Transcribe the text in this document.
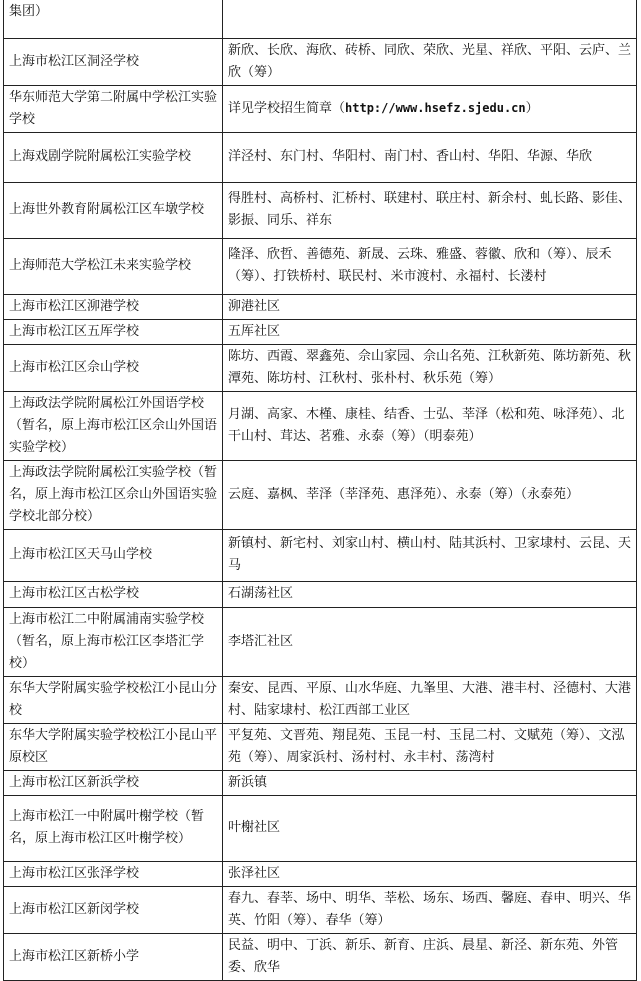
集团）	
上海市松江区洞泾学校	新欣、长欣、海欣、砖桥、同欣、荣欣、光星、祥欣、平阳、云庐、兰欣（筹）
华东师范大学第二附属中学松江实验学校	详见学校招生简章（http://www.hsefz.sjedu.cn）
上海戏剧学院附属松江实验学校	洋泾村、东门村、华阳村、南门村、香山村、华阳、华源、华欣
上海世外教育附属松江区车墩学校	得胜村、高桥村、汇桥村、联建村、联庄村、新余村、虬长路、影佳、影振、同乐、祥东
上海师范大学松江未来实验学校	隆泽、欣哲、善德苑、新晟、云珠、雅盛、蓉徽、欣和（筹）、辰禾（筹）、打铁桥村、联民村、米市渡村、永福村、长溇村
上海市松江区泖港学校	泖港社区
上海市松江区五厍学校	五厍社区
上海市松江区佘山学校	陈坊、西霞、翠鑫苑、佘山家园、佘山名苑、江秋新苑、陈坊新苑、秋潭苑、陈坊村、江秋村、张朴村、秋乐苑（筹）
上海政法学院附属松江外国语学校（暂名，原上海市松江区佘山外国语实验学校）	月湖、高家、木槿、康桂、结香、士弘、莘泽（松和苑、咏泽苑）、北干山村、茸达、茗雅、永泰（筹）（明泰苑）
上海政法学院附属松江实验学校（暂名，原上海市松江区佘山外国语实验学校北部分校）	云庭、嘉枫、莘泽（莘泽苑、惠泽苑）、永泰（筹）（永泰苑）
上海市松江区天马山学校	新镇村、新宅村、刘家山村、横山村、陆其浜村、卫家埭村、云昆、天马
上海市松江区古松学校	石湖荡社区
上海市松江二中附属浦南实验学校（暂名，原上海市松江区李塔汇学校）	李塔汇社区
东华大学附属实验学校松江小昆山分校	秦安、昆西、平原、山水华庭、九峯里、大港、港丰村、泾德村、大港村、陆家埭村、松江西部工业区
东华大学附属实验学校松江小昆山平原校区	平复苑、文晋苑、翔昆苑、玉昆一村、玉昆二村、文赋苑（筹）、文泓苑（筹）、周家浜村、汤村村、永丰村、荡湾村
上海市松江区新浜学校	新浜镇
上海市松江一中附属叶榭学校（暂名，原上海市松江区叶榭学校）	叶榭社区
上海市松江区张泽学校	张泽社区
上海市松江区新闵学校	春九、春莘、场中、明华、莘松、场东、场西、馨庭、春申、明兴、华英、竹阳（筹）、春华（筹）
上海市松江区新桥小学	民益、明中、丁浜、新乐、新育、庄浜、晨星、新泾、新东苑、外管委、欣华
